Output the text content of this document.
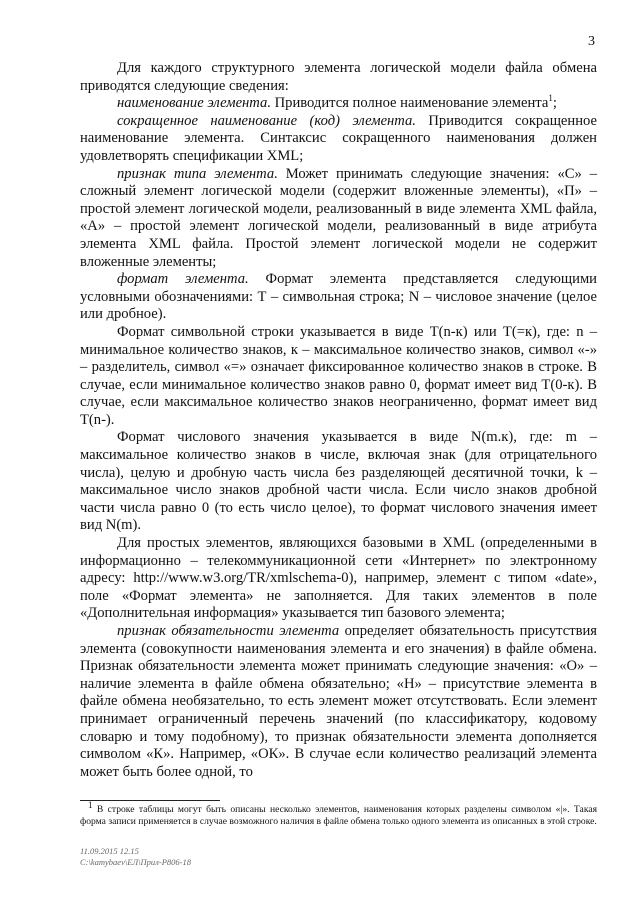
3

Для каждого структурного элемента логической модели файла обмена приводятся следующие сведения:

наименование элемента. Приводится полное наименование элемента$^1$;

сокращенное наименование (код) элемента. Приводится сокращенное наименование элемента. Синтаксис сокращенного наименования должен удовлетворять спецификации XML;

признак типа элемента. Может принимать следующие значения: «С» – сложный элемент логической модели (содержит вложенные элементы), «П» – простой элемент логической модели, реализованный в виде элемента XML файла, «А» – простой элемент логической модели, реализованный в виде атрибута элемента XML файла. Простой элемент логической модели не содержит вложенные элементы;

формат элемента. Формат элемента представляется следующими условными обозначениями: Т – символьная строка; N – числовое значение (целое или дробное).

Формат символьной строки указывается в виде Т(n-к) или Т(=к), где: n – минимальное количество знаков, к – максимальное количество знаков, символ «-» – разделитель, символ «=» означает фиксированное количество знаков в строке. В случае, если минимальное количество знаков равно 0, формат имеет вид Т(0-к). В случае, если максимальное количество знаков неограниченно, формат имеет вид Т(n-).

Формат числового значения указывается в виде N(m.к), где: m – максимальное количество знаков в числе, включая знак (для отрицательного числа), целую и дробную часть числа без разделяющей десятичной точки, k – максимальное число знаков дробной части числа. Если число знаков дробной части числа равно 0 (то есть число целое), то формат числового значения имеет вид N(m).

Для простых элементов, являющихся базовыми в XML (определенными в информационно – телекоммуникационной сети «Интернет» по электронному адресу: http://www.w3.org/TR/xmlschema-0), например, элемент с типом «date», поле «Формат элемента» не заполняется. Для таких элементов в поле «Дополнительная информация» указывается тип базового элемента;

признак обязательности элемента определяет обязательность присутствия элемента (совокупности наименования элемента и его значения) в файле обмена. Признак обязательности элемента может принимать следующие значения: «О» – наличие элемента в файле обмена обязательно; «Н» – присутствие элемента в файле обмена необязательно, то есть элемент может отсутствовать. Если элемент принимает ограниченный перечень значений (по классификатору, кодовому словарю и тому подобному), то признак обязательности элемента дополняется символом «К». Например, «ОК». В случае если количество реализаций элемента может быть более одной, то

$^1$ В строке таблицы могут быть описаны несколько элементов, наименования которых разделены символом «|». Такая форма записи применяется в случае возможного наличия в файле обмена только одного элемента из описанных в этой строке.

11.09.2015 12.15
С:\kamybaev\ЕЛ\Прил-Р806-18
